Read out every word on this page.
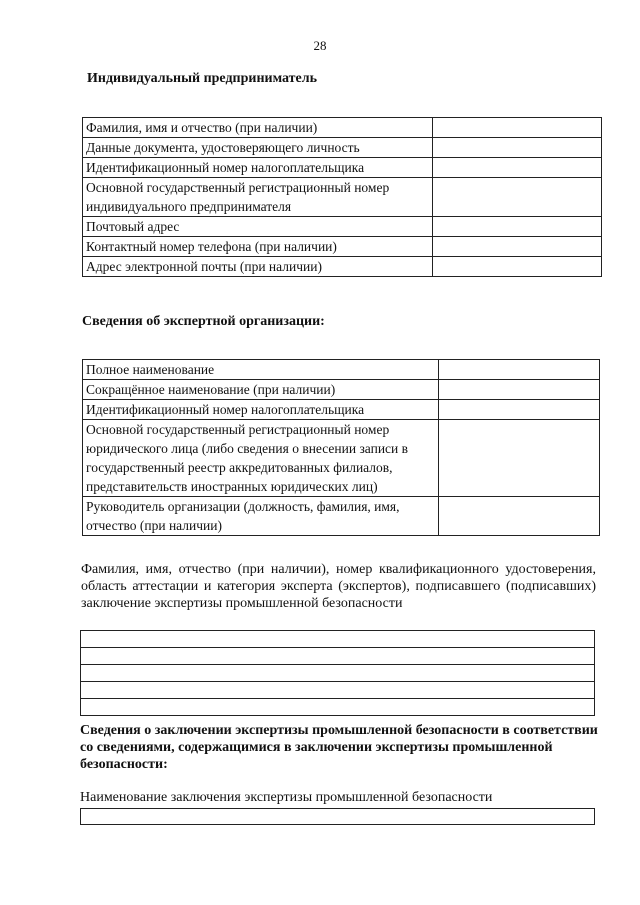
28
Индивидуальный предприниматель
Фамилия, имя и отчество (при наличии)	
Данные документа, удостоверяющего личность	
Идентификационный номер налогоплательщика	
Основной государственный регистрационный номер индивидуального предпринимателя	
Почтовый адрес	
Контактный номер телефона (при наличии)	
Адрес электронной почты (при наличии)	
Сведения об экспертной организации:
Полное наименование	
Сокращённое наименование (при наличии)	
Идентификационный номер налогоплательщика	
Основной государственный регистрационный номер юридического лица (либо сведения о внесении записи в государственный реестр аккредитованных филиалов, представительств иностранных юридических лиц)	
Руководитель организации (должность, фамилия, имя, отчество (при наличии)	
Фамилия, имя, отчество (при наличии), номер квалификационного удостоверения, область аттестации и категория эксперта (экспертов), подписавшего (подписавших) заключение экспертизы промышленной безопасности

Сведения о заключении экспертизы промышленной безопасности в соответствии со сведениями, содержащимися в заключении экспертизы промышленной безопасности:
Наименование заключения экспертизы промышленной безопасности
